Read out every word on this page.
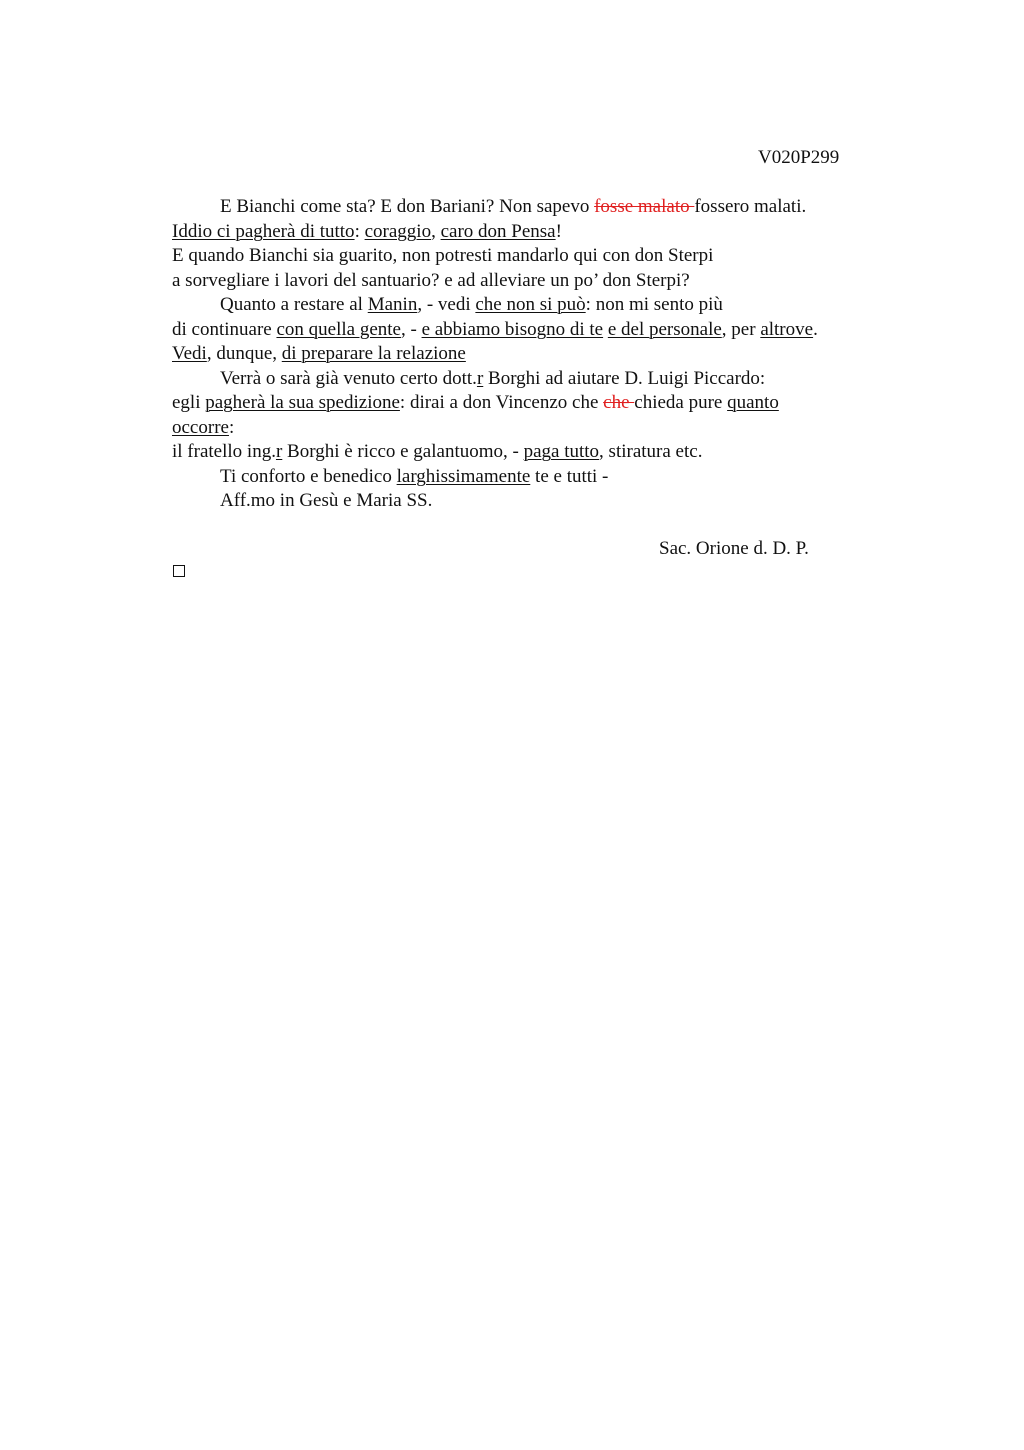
V020P299
E Bianchi come sta? E don Bariani? Non sapevo fosse malato fossero malati.
Iddio ci pagherà di tutto: coraggio, caro don Pensa!
E quando Bianchi sia guarito, non potresti mandarlo qui con don Sterpi
a sorvegliare i lavori del santuario? e ad alleviare un po’ don Sterpi?
Quanto a restare al Manin, - vedi che non si può: non mi sento più
di continuare con quella gente, - e abbiamo bisogno di te e del personale, per altrove.
Vedi, dunque, di preparare la relazione
Verrà o sarà già venuto certo dott.r Borghi ad aiutare D. Luigi Piccardo:
egli pagherà la sua spedizione: dirai a don Vincenzo che che chieda pure quanto
occorre:
il fratello ing.r Borghi è ricco e galantuomo, - paga tutto, stiratura etc.
Ti conforto e benedico larghissimamente te e tutti -
Aff.mo in Gesù e Maria SS.
Sac. Orione d. D. P.
